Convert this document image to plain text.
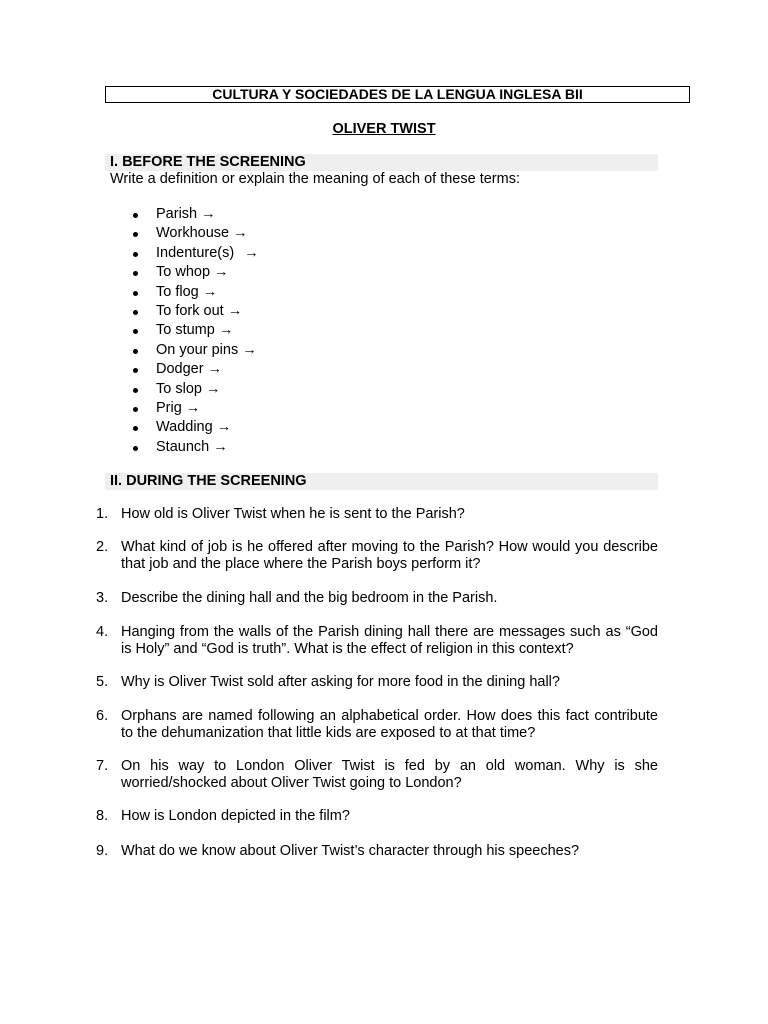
CULTURA Y SOCIEDADES DE LA LENGUA INGLESA BII
OLIVER TWIST
I. BEFORE THE SCREENING
Write a definition or explain the meaning of each of these terms:
Parish →
Workhouse →
Indenture(s) →
To whop →
To flog →
To fork out →
To stump →
On your pins →
Dodger →
To slop →
Prig →
Wadding →
Staunch →
II. DURING THE SCREENING
1. How old is Oliver Twist when he is sent to the Parish?
2. What kind of job is he offered after moving to the Parish? How would you describe that job and the place where the Parish boys perform it?
3. Describe the dining hall and the big bedroom in the Parish.
4. Hanging from the walls of the Parish dining hall there are messages such as “God is Holy” and “God is truth”. What is the effect of religion in this context?
5. Why is Oliver Twist sold after asking for more food in the dining hall?
6. Orphans are named following an alphabetical order. How does this fact contribute to the dehumanization that little kids are exposed to at that time?
7. On his way to London Oliver Twist is fed by an old woman. Why is she worried/shocked about Oliver Twist going to London?
8. How is London depicted in the film?
9. What do we know about Oliver Twist’s character through his speeches?
